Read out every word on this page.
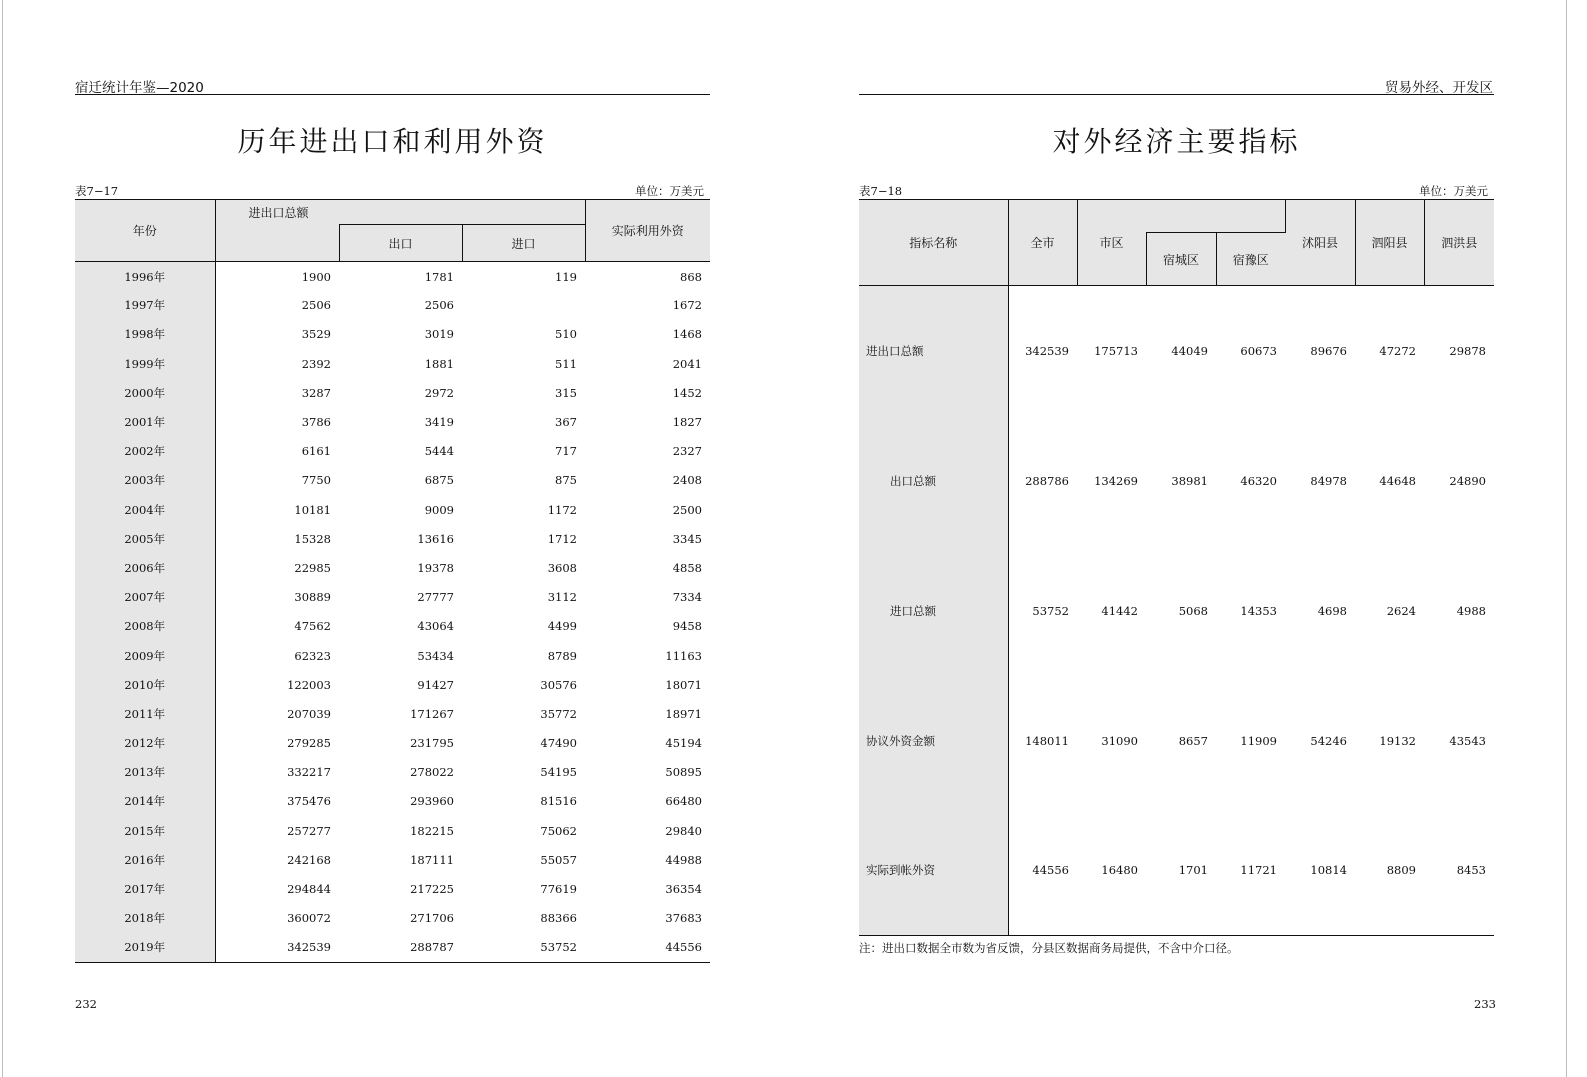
宿迁统计年鉴—2020
历年进出口和利用外资
表7−17	单位：万美元
年份	进出口总额			实际利用外资
		出口	进口	
1996年	1900	1781	119	868
1997年	2506	2506		1672
1998年	3529	3019	510	1468
1999年	2392	1881	511	2041
2000年	3287	2972	315	1452
2001年	3786	3419	367	1827
2002年	6161	5444	717	2327
2003年	7750	6875	875	2408
2004年	10181	9009	1172	2500
2005年	15328	13616	1712	3345
2006年	22985	19378	3608	4858
2007年	30889	27777	3112	7334
2008年	47562	43064	4499	9458
2009年	62323	53434	8789	11163
2010年	122003	91427	30576	18071
2011年	207039	171267	35772	18971
2012年	279285	231795	47490	45194
2013年	332217	278022	54195	50895
2014年	375476	293960	81516	66480
2015年	257277	182215	75062	29840
2016年	242168	187111	55057	44988
2017年	294844	217225	77619	36354
2018年	360072	271706	88366	37683
2019年	342539	288787	53752	44556
232
贸易外经、开发区
对外经济主要指标
表7−18	单位：万美元
指标名称	全市	市区			沭阳县	泗阳县	泗洪县
			宿城区	宿豫区			
进出口总额	342539	175713	44049	60673	89676	47272	29878
出口总额	288786	134269	38981	46320	84978	44648	24890
进口总额	53752	41442	5068	14353	4698	2624	4988
协议外资金额	148011	31090	8657	11909	54246	19132	43543
实际到帐外资	44556	16480	1701	11721	10814	8809	8453
注：进出口数据全市数为省反馈，分县区数据商务局提供，不含中介口径。
233
